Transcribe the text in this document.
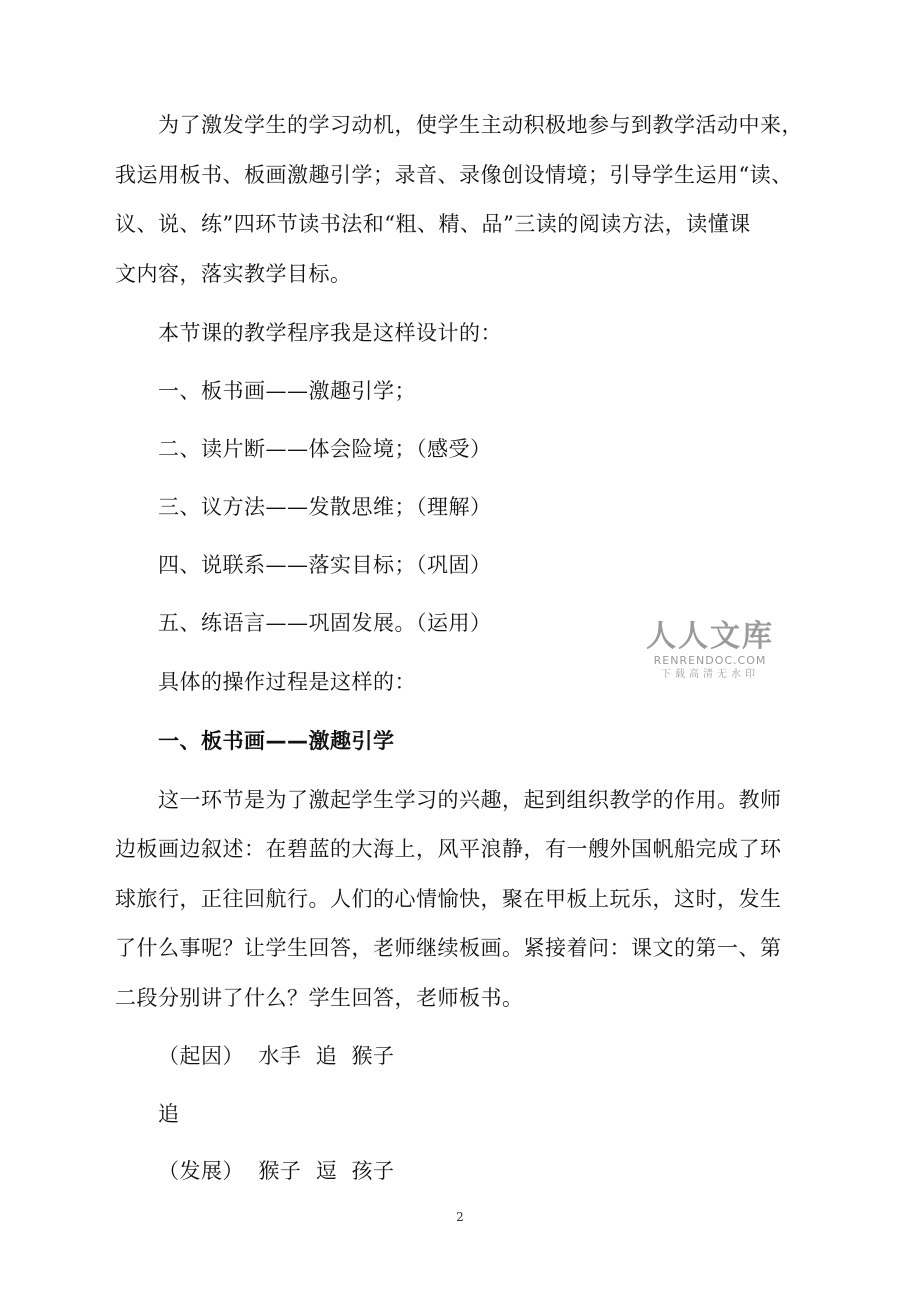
为了激发学生的学习动机，使学生主动积极地参与到教学活动中来，
我运用板书、板画激趣引学；录音、录像创设情境；引导学生运用“读、
议、说、练”四环节读书法和“粗、精、品”三读的阅读方法，读懂课
文内容，落实教学目标。
本节课的教学程序我是这样设计的：
一、板书画——激趣引学；
二、读片断——体会险境；（感受）
三、议方法——发散思维；（理解）
四、说联系——落实目标；（巩固）
五、练语言——巩固发展。（运用）
具体的操作过程是这样的：
一、板书画——激趣引学
这一环节是为了激起学生学习的兴趣，起到组织教学的作用。教师
边板画边叙述：在碧蓝的大海上，风平浪静，有一艘外国帆船完成了环
球旅行，正往回航行。人们的心情愉快，聚在甲板上玩乐，这时，发生
了什么事呢？让学生回答，老师继续板画。紧接着问：课文的第一、第
二段分别讲了什么？学生回答，老师板书。
（起因）  水手  追  猴子
追
（发展）  猴子  逗  孩子
人人文库
RENRENDOC.COM
下载高清无水印
2
